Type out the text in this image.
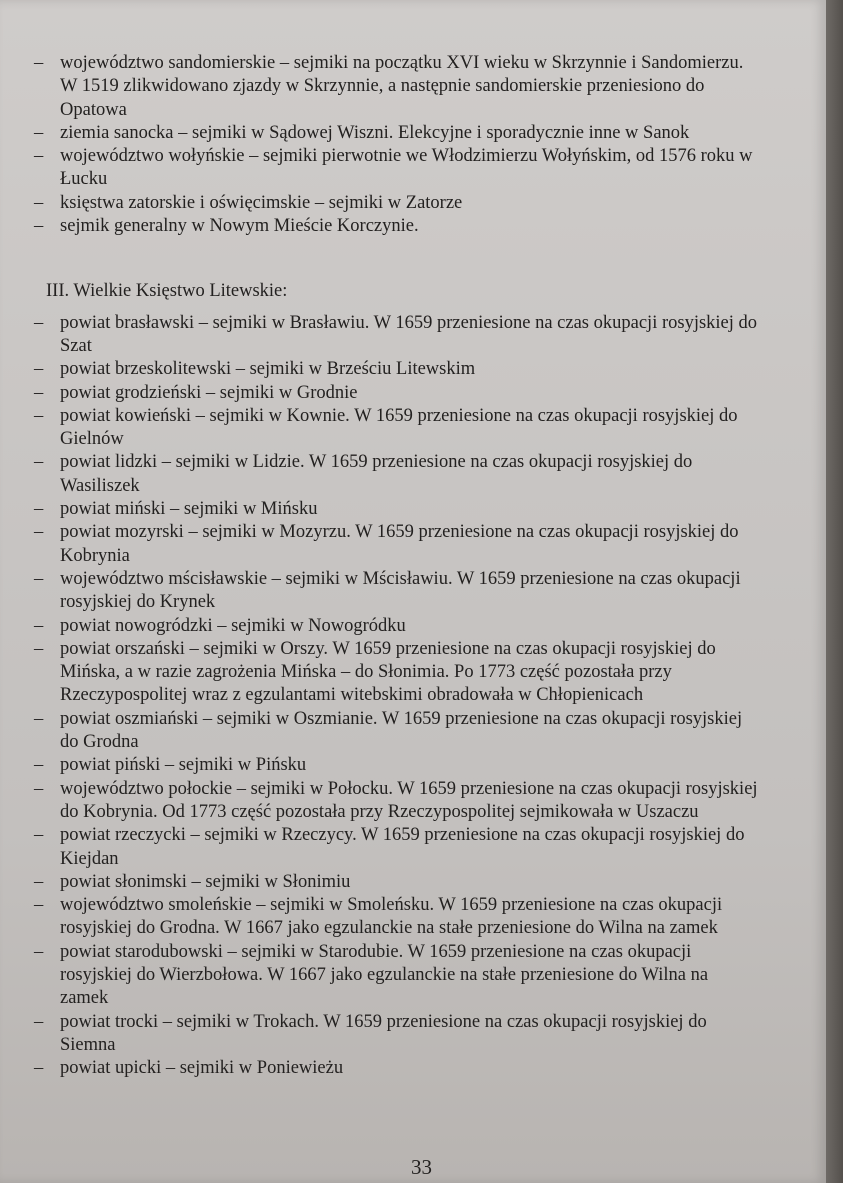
– województwo sandomierskie – sejmiki na początku XVI wieku w Skrzynnie i Sandomierzu. W 1519 zlikwidowano zjazdy w Skrzynnie, a następnie sandomierskie przeniesiono do Opatowa
– ziemia sanocka – sejmiki w Sądowej Wiszni. Elekcyjne i sporadycznie inne w Sanok
– województwo wołyńskie – sejmiki pierwotnie we Włodzimierzu Wołyńskim, od 1576 roku w Łucku
– księstwa zatorskie i oświęcimskie – sejmiki w Zatorze
– sejmik generalny w Nowym Mieście Korczynie.
III. Wielkie Księstwo Litewskie:
– powiat brasławski – sejmiki w Brasławiu. W 1659 przeniesione na czas okupacji rosyjskiej do Szat
– powiat brzeskolitewski – sejmiki w Brześciu Litewskim
– powiat grodzieński – sejmiki w Grodnie
– powiat kowieński – sejmiki w Kownie. W 1659 przeniesione na czas okupacji rosyjskiej do Gielnów
– powiat lidzki – sejmiki w Lidzie. W 1659 przeniesione na czas okupacji rosyjskiej do Wasiliszek
– powiat miński – sejmiki w Mińsku
– powiat mozyrski – sejmiki w Mozyrzu. W 1659 przeniesione na czas okupacji rosyjskiej do Kobrynia
– województwo mścisławskie – sejmiki w Mścisławiu. W 1659 przeniesione na czas okupacji rosyjskiej do Krynek
– powiat nowogródzki – sejmiki w Nowogródku
– powiat orszański – sejmiki w Orszy. W 1659 przeniesione na czas okupacji rosyjskiej do Mińska, a w razie zagrożenia Mińska – do Słonimia. Po 1773 część pozostała przy Rzeczypospolitej wraz z egzulantami witebskimi obradowała w Chłopienicach
– powiat oszmiański – sejmiki w Oszmianie. W 1659 przeniesione na czas okupacji rosyjskiej do Grodna
– powiat piński – sejmiki w Pińsku
– województwo połockie – sejmiki w Połocku. W 1659 przeniesione na czas okupacji rosyjskiej do Kobrynia. Od 1773 część pozostała przy Rzeczypospolitej sejmikowała w Uszaczu
– powiat rzeczycki – sejmiki w Rzeczycy. W 1659 przeniesione na czas okupacji rosyjskiej do Kiejdan
– powiat słonimski – sejmiki w Słonimiu
– województwo smoleńskie – sejmiki w Smoleńsku. W 1659 przeniesione na czas okupacji rosyjskiej do Grodna. W 1667 jako egzulanckie na stałe przeniesione do Wilna na zamek
– powiat starodubowski – sejmiki w Starodubie. W 1659 przeniesione na czas okupacji rosyjskiej do Wierzbołowa. W 1667 jako egzulanckie na stałe przeniesione do Wilna na zamek
– powiat trocki – sejmiki w Trokach. W 1659 przeniesione na czas okupacji rosyjskiej do Siemna
– powiat upicki – sejmiki w Poniewieżu
33
